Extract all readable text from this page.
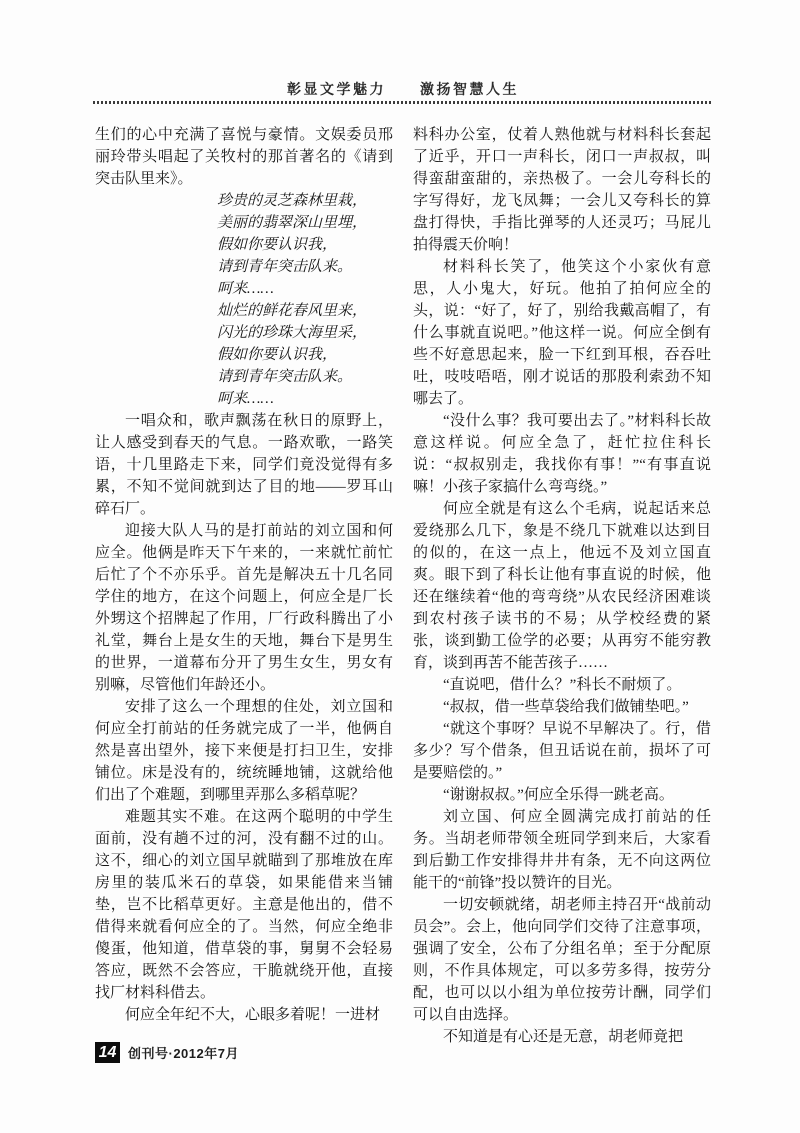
彰显文学魅力 激扬智慧人生

生们的心中充满了喜悦与豪情。文娱委员邢丽玲带头唱起了关牧村的那首著名的《请到突击队里来》。

珍贵的灵芝森林里栽，
美丽的翡翠深山里埋，
假如你要认识我，
请到青年突击队来。
呵来……
灿烂的鲜花春风里来，
闪光的珍珠大海里采，
假如你要认识我，
请到青年突击队来。
呵来……

一唱众和，歌声飘荡在秋日的原野上，让人感受到春天的气息。一路欢歌，一路笑语，十几里路走下来，同学们竟没觉得有多累，不知不觉间就到达了目的地——罗耳山碎石厂。

迎接大队人马的是打前站的刘立国和何应全。他俩是昨天下午来的，一来就忙前忙后忙了个不亦乐乎。首先是解决五十几名同学住的地方，在这个问题上，何应全是厂长外甥这个招牌起了作用，厂行政科腾出了小礼堂，舞台上是女生的天地，舞台下是男生的世界，一道幕布分开了男生女生，男女有别嘛，尽管他们年龄还小。

安排了这么一个理想的住处，刘立国和何应全打前站的任务就完成了一半，他俩自然是喜出望外，接下来便是打扫卫生，安排铺位。床是没有的，统统睡地铺，这就给他们出了个难题，到哪里弄那么多稻草呢？

难题其实不难。在这两个聪明的中学生面前，没有趟不过的河，没有翻不过的山。这不，细心的刘立国早就瞄到了那堆放在库房里的装瓜米石的草袋，如果能借来当铺垫，岂不比稻草更好。主意是他出的，借不借得来就看何应全的了。当然，何应全绝非傻蛋，他知道，借草袋的事，舅舅不会轻易答应，既然不会答应，干脆就绕开他，直接找厂材料科借去。

何应全年纪不大，心眼多着呢！一进材

料科办公室，仗着人熟他就与材料科长套起了近乎，开口一声科长，闭口一声叔叔，叫得蛮甜蛮甜的，亲热极了。一会儿夸科长的字写得好，龙飞凤舞；一会儿又夸科长的算盘打得快，手指比弹琴的人还灵巧；马屁儿拍得震天价响！

材料科长笑了，他笑这个小家伙有意思，人小鬼大，好玩。他拍了拍何应全的头，说：“好了，好了，别给我戴高帽了，有什么事就直说吧。”他这样一说。何应全倒有些不好意思起来，脸一下红到耳根，吞吞吐吐，吱吱唔唔，刚才说话的那股利索劲不知哪去了。

“没什么事？我可要出去了。”材料科长故意这样说。何应全急了，赶忙拉住科长说：“叔叔别走，我找你有事！”“有事直说嘛！小孩子家搞什么弯弯绕。”

何应全就是有这么个毛病，说起话来总爱绕那么几下，象是不绕几下就难以达到目的似的，在这一点上，他远不及刘立国直爽。眼下到了科长让他有事直说的时候，他还在继续着“他的弯弯绕”从农民经济困难谈到农村孩子读书的不易；从学校经费的紧张，谈到勤工俭学的必要；从再穷不能穷教育，谈到再苦不能苦孩子……

“直说吧，借什么？”科长不耐烦了。

“叔叔，借一些草袋给我们做铺垫吧。”

“就这个事呀？早说不早解决了。行，借多少？写个借条，但丑话说在前，损坏了可是要赔偿的。”

“谢谢叔叔。”何应全乐得一跳老高。

刘立国、何应全圆满完成打前站的任务。当胡老师带领全班同学到来后，大家看到后勤工作安排得井井有条，无不向这两位能干的“前锋”投以赞许的目光。

一切安顿就绪，胡老师主持召开“战前动员会”。会上，他向同学们交待了注意事项，强调了安全，公布了分组名单；至于分配原则，不作具体规定，可以多劳多得，按劳分配，也可以以小组为单位按劳计酬，同学们可以自由选择。

不知道是有心还是无意，胡老师竟把

14 创刊号·2012年7月
